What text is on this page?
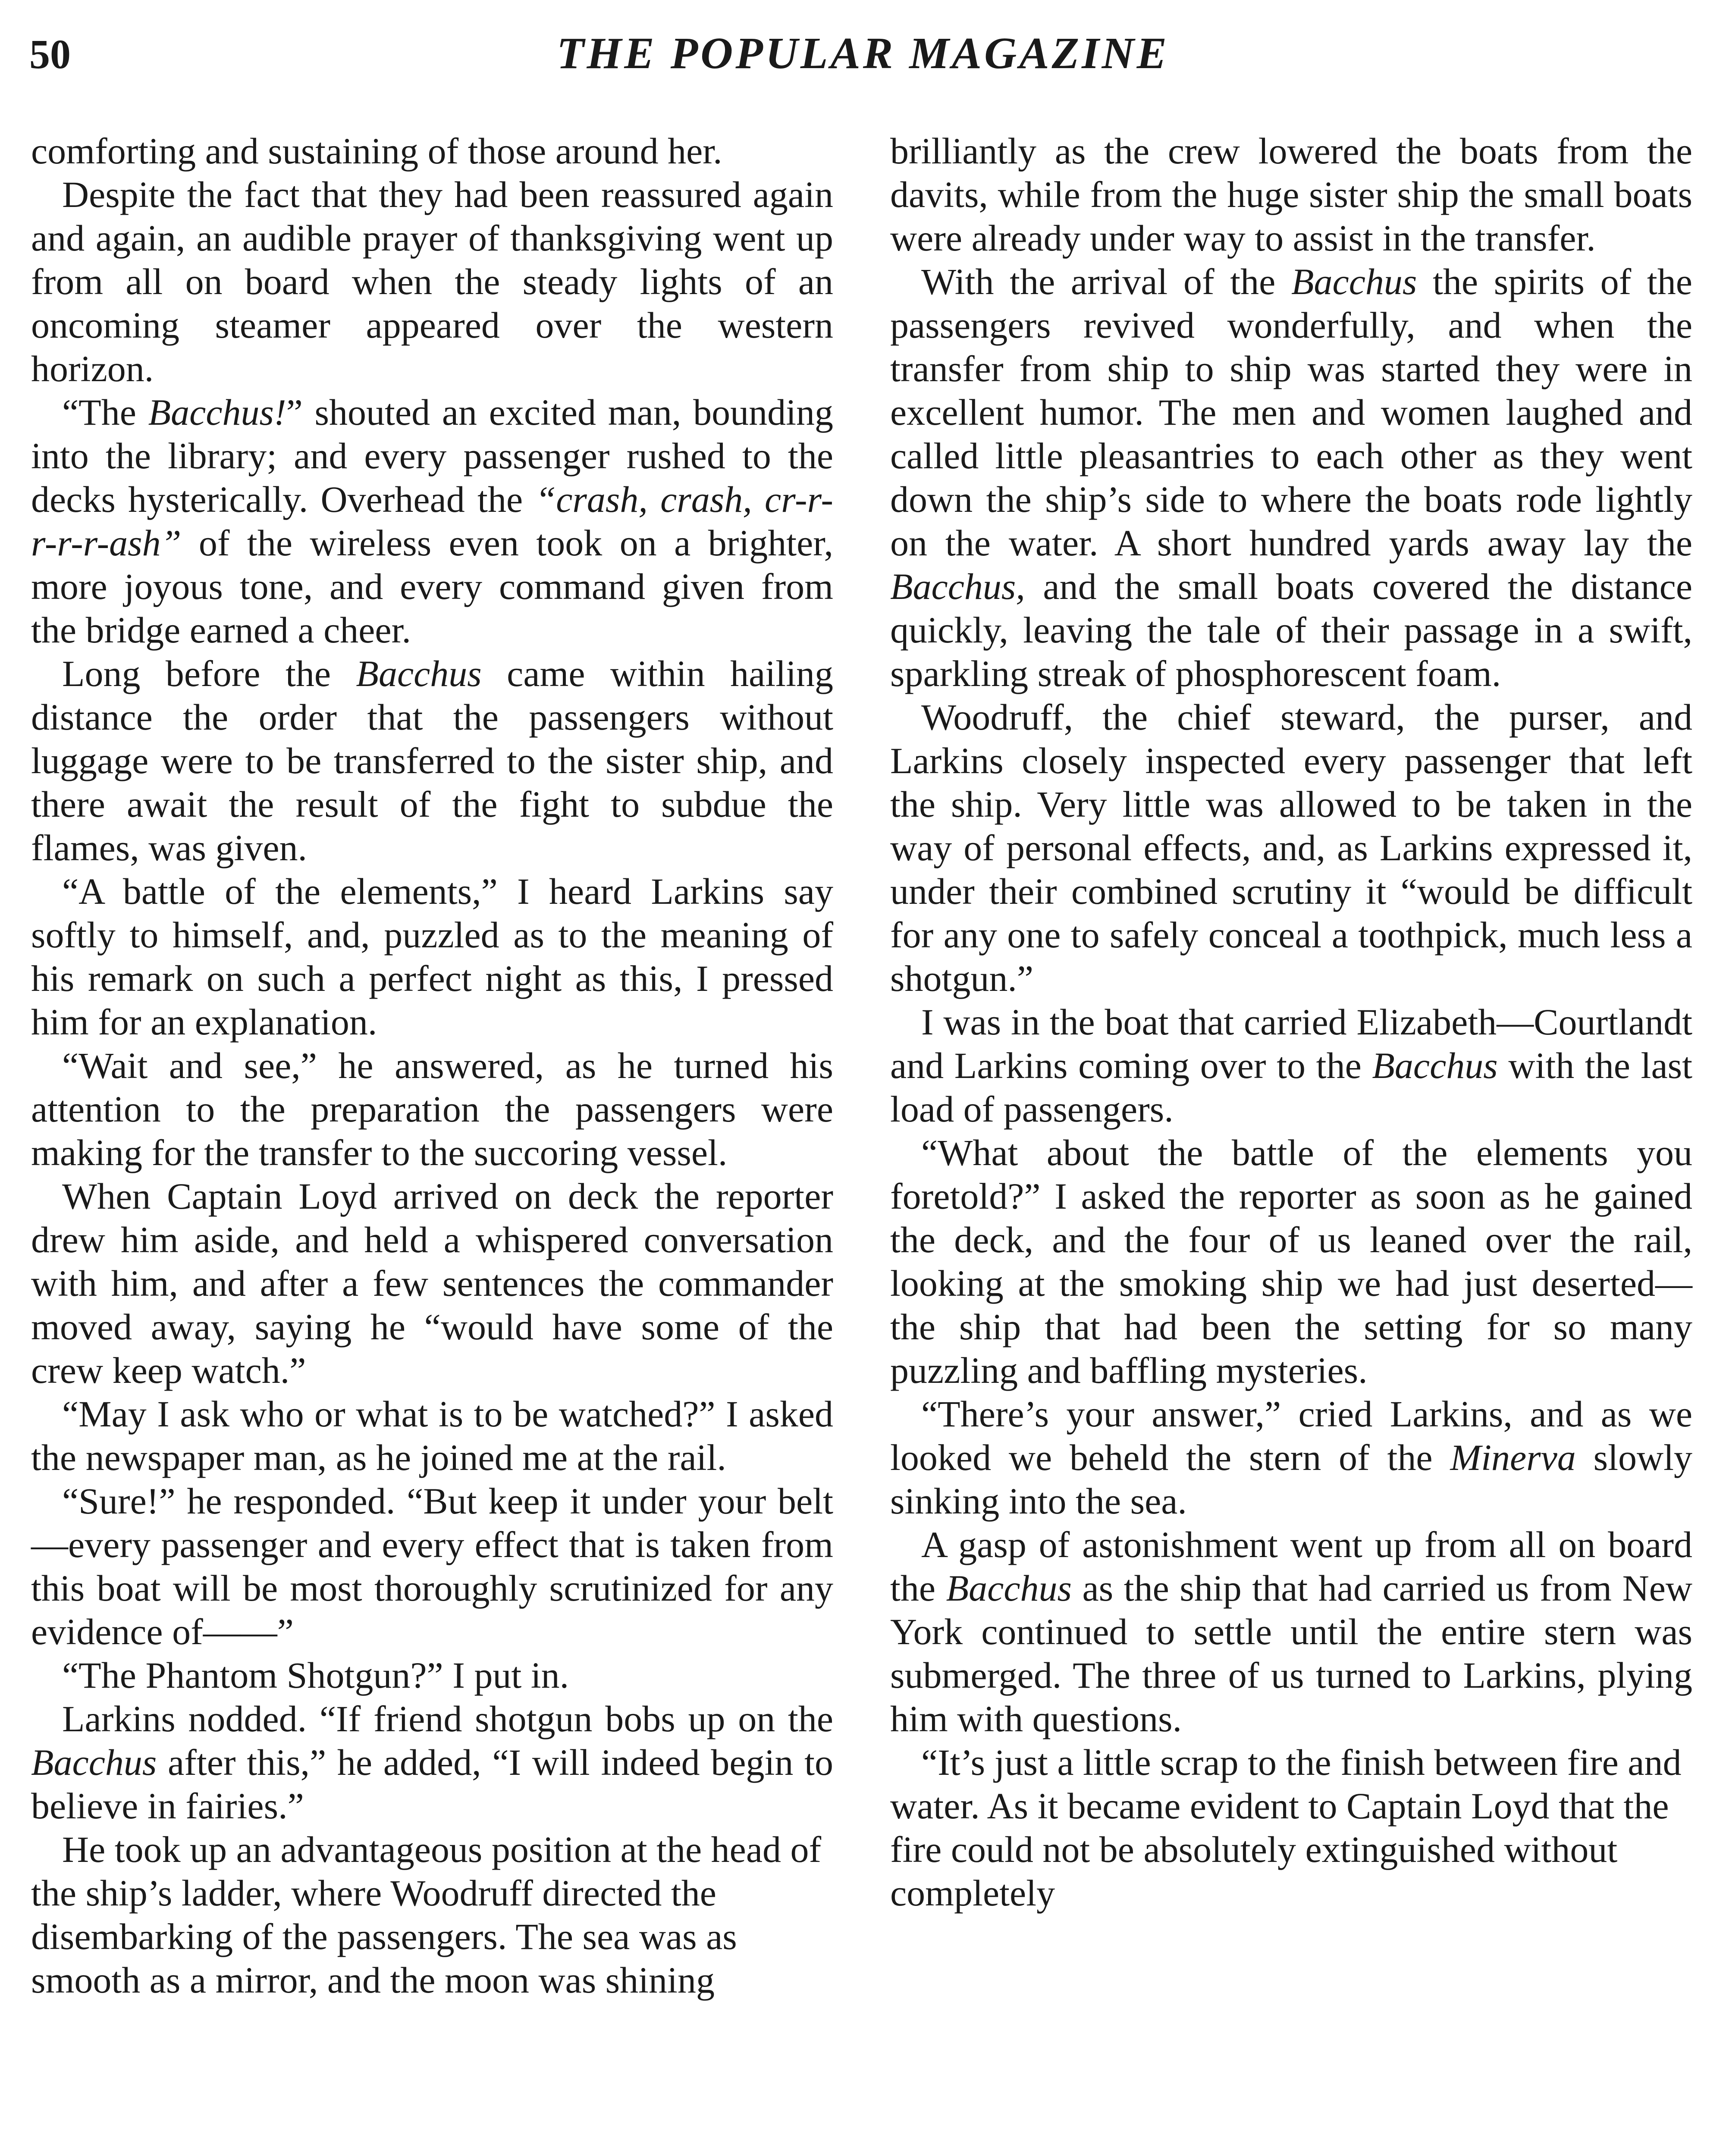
50	THE POPULAR MAGAZINE

comforting and sustaining of those around her.

Despite the fact that they had been reassured again and again, an audible prayer of thanksgiving went up from all on board when the steady lights of an oncoming steamer appeared over the western horizon.

“The Bacchus!” shouted an excited man, bounding into the library; and every passenger rushed to the decks hysterically. Overhead the “crash, crash, cr-r-r-r-r-ash” of the wireless even took on a brighter, more joyous tone, and every command given from the bridge earned a cheer.

Long before the Bacchus came within hailing distance the order that the passengers without luggage were to be transferred to the sister ship, and there await the result of the fight to subdue the flames, was given.

“A battle of the elements,” I heard Larkins say softly to himself, and, puzzled as to the meaning of his remark on such a perfect night as this, I pressed him for an explanation.

“Wait and see,” he answered, as he turned his attention to the preparation the passengers were making for the transfer to the succoring vessel.

When Captain Loyd arrived on deck the reporter drew him aside, and held a whispered conversation with him, and after a few sentences the commander moved away, saying he “would have some of the crew keep watch.”

“May I ask who or what is to be watched?” I asked the newspaper man, as he joined me at the rail.

“Sure!” he responded. “But keep it under your belt—every passenger and every effect that is taken from this boat will be most thoroughly scrutinized for any evidence of——”

“The Phantom Shotgun?” I put in.

Larkins nodded. “If friend shotgun bobs up on the Bacchus after this,” he added, “I will indeed begin to believe in fairies.”

He took up an advantageous position at the head of the ship’s ladder, where Woodruff directed the disembarking of the passengers. The sea was as smooth as a mirror, and the moon was shining

brilliantly as the crew lowered the boats from the davits, while from the huge sister ship the small boats were already under way to assist in the transfer.

With the arrival of the Bacchus the spirits of the passengers revived wonderfully, and when the transfer from ship to ship was started they were in excellent humor. The men and women laughed and called little pleasantries to each other as they went down the ship’s side to where the boats rode lightly on the water. A short hundred yards away lay the Bacchus, and the small boats covered the distance quickly, leaving the tale of their passage in a swift, sparkling streak of phosphorescent foam.

Woodruff, the chief steward, the purser, and Larkins closely inspected every passenger that left the ship. Very little was allowed to be taken in the way of personal effects, and, as Larkins expressed it, under their combined scrutiny it “would be difficult for any one to safely conceal a toothpick, much less a shotgun.”

I was in the boat that carried Elizabeth—Courtlandt and Larkins coming over to the Bacchus with the last load of passengers.

“What about the battle of the elements you foretold?” I asked the reporter as soon as he gained the deck, and the four of us leaned over the rail, looking at the smoking ship we had just deserted—the ship that had been the setting for so many puzzling and baffling mysteries.

“There’s your answer,” cried Larkins, and as we looked we beheld the stern of the Minerva slowly sinking into the sea.

A gasp of astonishment went up from all on board the Bacchus as the ship that had carried us from New York continued to settle until the entire stern was submerged. The three of us turned to Larkins, plying him with questions.

“It’s just a little scrap to the finish between fire and water. As it became evident to Captain Loyd that the fire could not be absolutely extinguished without completely
